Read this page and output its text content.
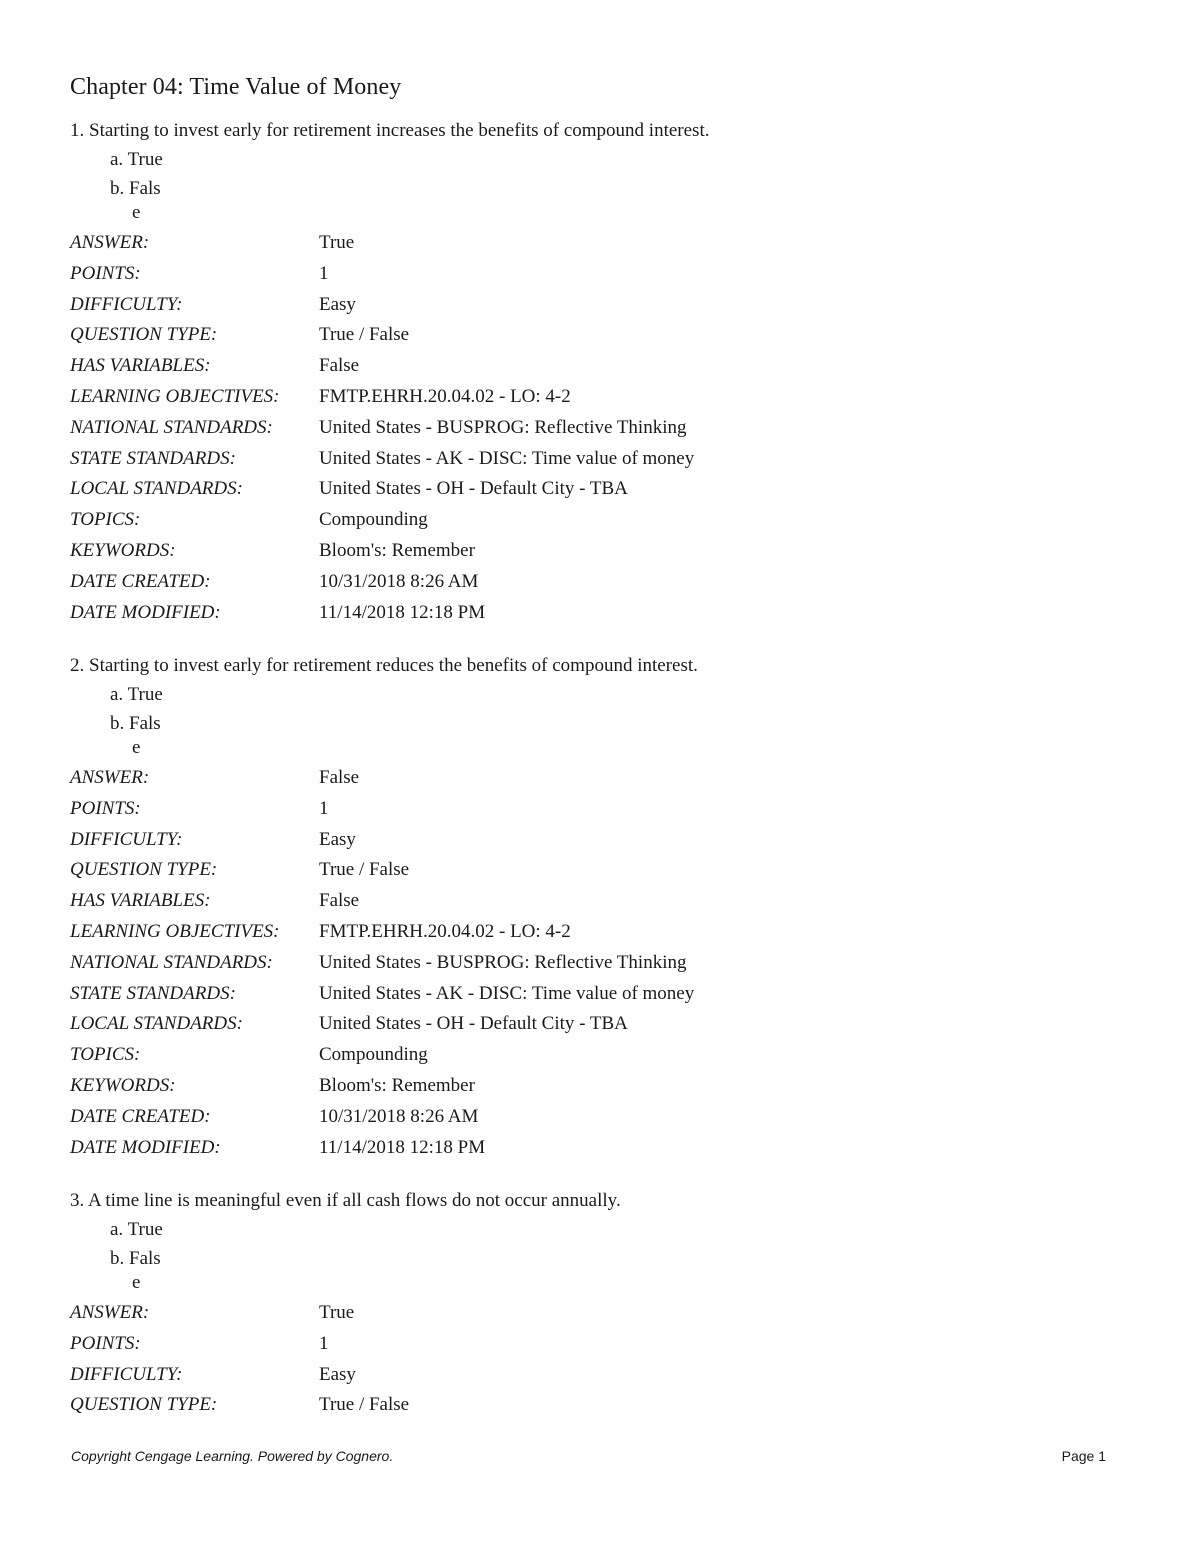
Chapter 04: Time Value of Money
1. Starting to invest early for retirement increases the benefits of compound interest.
a. True
b. Fals
e
ANSWER:	True
POINTS:	1
DIFFICULTY:	Easy
QUESTION TYPE:	True / False
HAS VARIABLES:	False
LEARNING OBJECTIVES:	FMTP.EHRH.20.04.02 - LO: 4-2
NATIONAL STANDARDS:	United States - BUSPROG: Reflective Thinking
STATE STANDARDS:	United States - AK - DISC: Time value of money
LOCAL STANDARDS:	United States - OH - Default City - TBA
TOPICS:	Compounding
KEYWORDS:	Bloom's: Remember
DATE CREATED:	10/31/2018 8:26 AM
DATE MODIFIED:	11/14/2018 12:18 PM
2. Starting to invest early for retirement reduces the benefits of compound interest.
a. True
b. Fals
e
ANSWER:	False
POINTS:	1
DIFFICULTY:	Easy
QUESTION TYPE:	True / False
HAS VARIABLES:	False
LEARNING OBJECTIVES:	FMTP.EHRH.20.04.02 - LO: 4-2
NATIONAL STANDARDS:	United States - BUSPROG: Reflective Thinking
STATE STANDARDS:	United States - AK - DISC: Time value of money
LOCAL STANDARDS:	United States - OH - Default City - TBA
TOPICS:	Compounding
KEYWORDS:	Bloom's: Remember
DATE CREATED:	10/31/2018 8:26 AM
DATE MODIFIED:	11/14/2018 12:18 PM
3. A time line is meaningful even if all cash flows do not occur annually.
a. True
b. Fals
e
ANSWER:	True
POINTS:	1
DIFFICULTY:	Easy
QUESTION TYPE:	True / False
Copyright Cengage Learning. Powered by Cognero.	Page 1
